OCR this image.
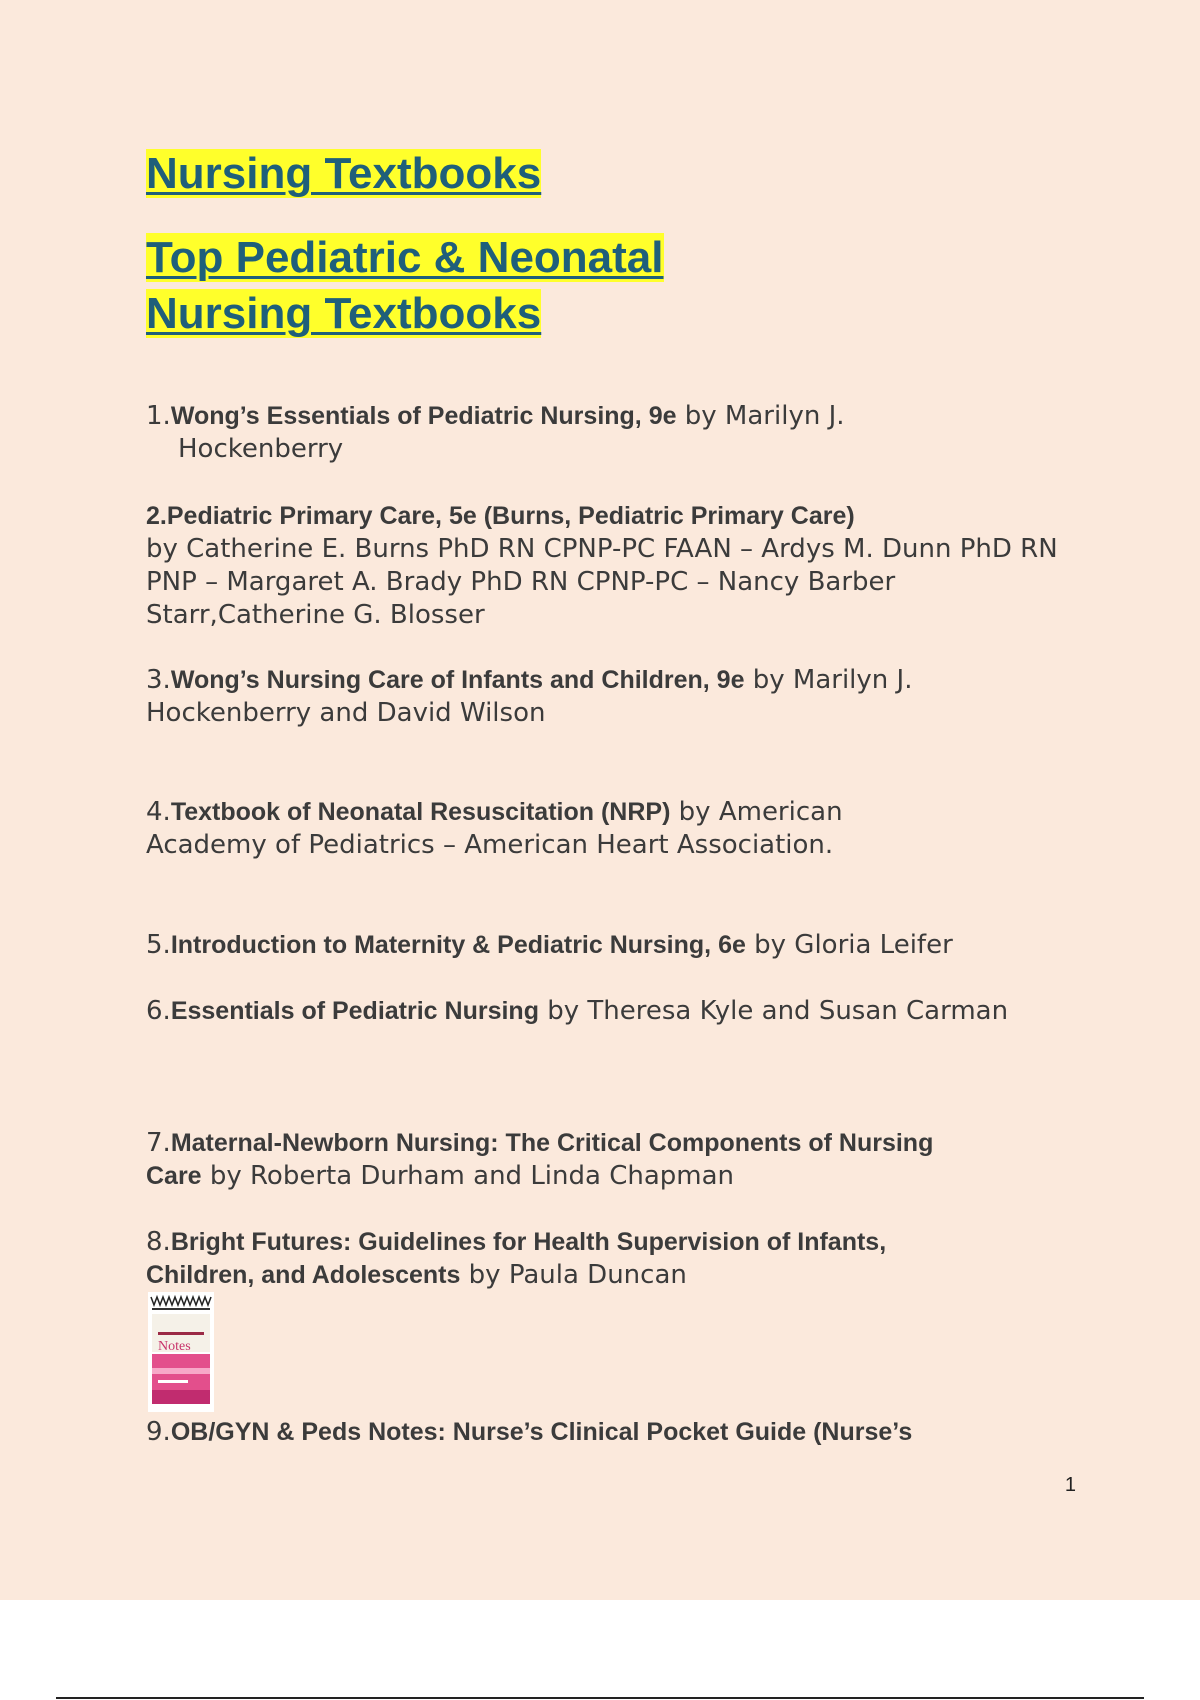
Nursing Textbooks
Top Pediatric & Neonatal
Nursing Textbooks

1.Wong’s Essentials of Pediatric Nursing, 9e by Marilyn J. Hockenberry

2.Pediatric Primary Care, 5e (Burns, Pediatric Primary Care)
by Catherine E. Burns PhD RN CPNP-PC FAAN – Ardys M. Dunn PhD RN PNP – Margaret A. Brady PhD RN CPNP-PC – Nancy Barber Starr,Catherine G. Blosser

3.Wong’s Nursing Care of Infants and Children, 9e by Marilyn J. Hockenberry and David Wilson

4.Textbook of Neonatal Resuscitation (NRP) by American Academy of Pediatrics – American Heart Association.

5.Introduction to Maternity & Pediatric Nursing, 6e by Gloria Leifer

6.Essentials of Pediatric Nursing by Theresa Kyle and Susan Carman

7.Maternal-Newborn Nursing: The Critical Components of Nursing Care by Roberta Durham and Linda Chapman

8.Bright Futures: Guidelines for Health Supervision of Infants, Children, and Adolescents by Paula Duncan

Notes

9.OB/GYN & Peds Notes: Nurse’s Clinical Pocket Guide (Nurse’s

1
